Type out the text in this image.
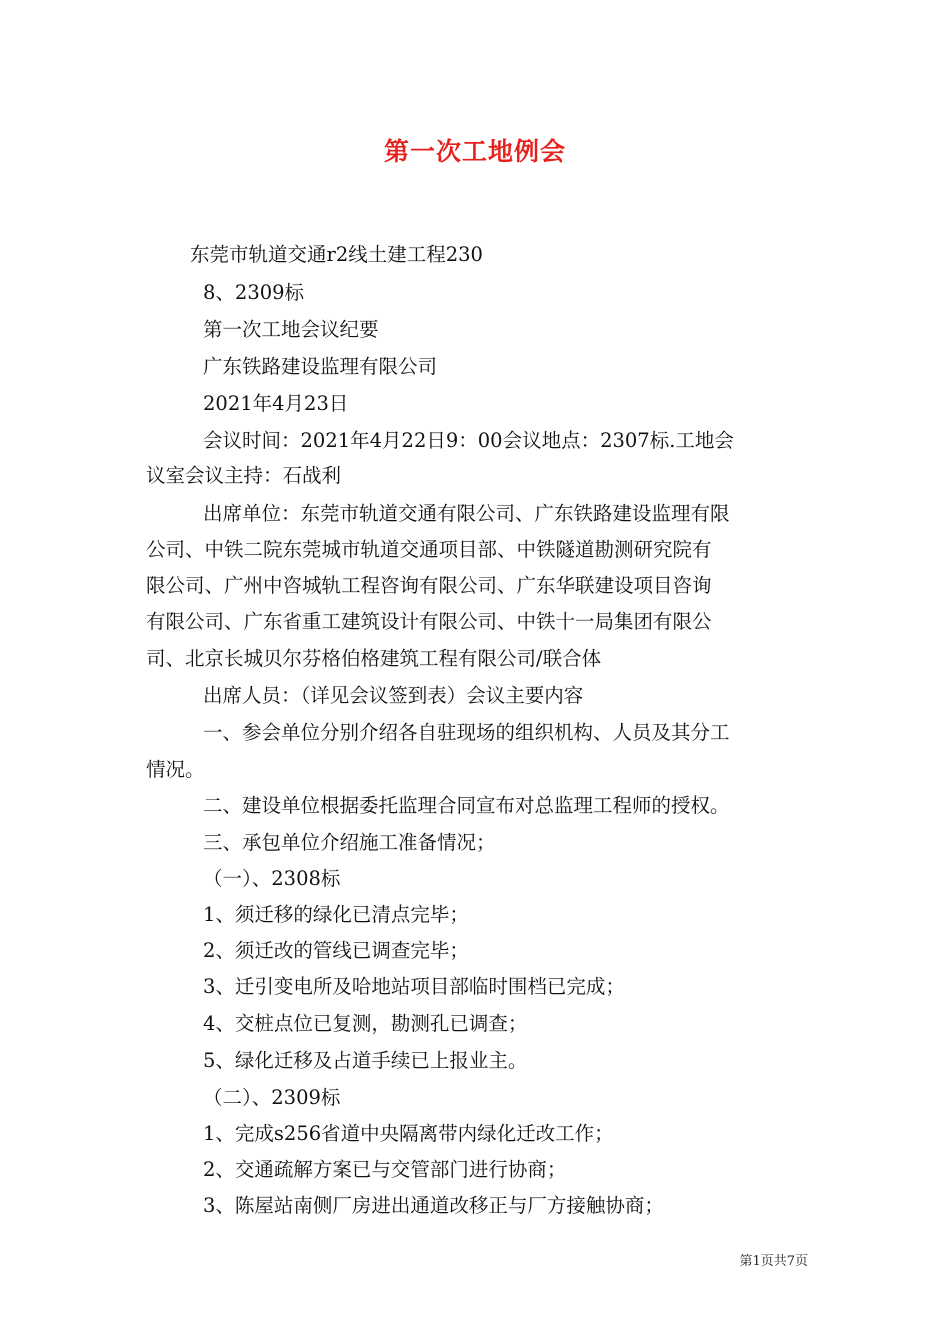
第一次工地例会
东莞市轨道交通r2线土建工程230
8、2309标
第一次工地会议纪要
广东铁路建设监理有限公司
2021年4月23日
会议时间：2021年4月22日9：00会议地点：2307标.工地会
议室会议主持：石战利
出席单位：东莞市轨道交通有限公司、广东铁路建设监理有限
公司、中铁二院东莞城市轨道交通项目部、中铁隧道勘测研究院有
限公司、广州中咨城轨工程咨询有限公司、广东华联建设项目咨询
有限公司、广东省重工建筑设计有限公司、中铁十一局集团有限公
司、北京长城贝尔芬格伯格建筑工程有限公司/联合体
出席人员：（详见会议签到表）会议主要内容
一、参会单位分别介绍各自驻现场的组织机构、人员及其分工
情况。
二、建设单位根据委托监理合同宣布对总监理工程师的授权。
三、承包单位介绍施工准备情况；
（一）、2308标
1、须迁移的绿化已清点完毕；
2、须迁改的管线已调查完毕；
3、迁引变电所及哈地站项目部临时围档已完成；
4、交桩点位已复测，勘测孔已调查；
5、绿化迁移及占道手续已上报业主。
（二）、2309标
1、完成s256省道中央隔离带内绿化迁改工作；
2、交通疏解方案已与交管部门进行协商；
3、陈屋站南侧厂房进出通道改移正与厂方接触协商；
第1页共7页
